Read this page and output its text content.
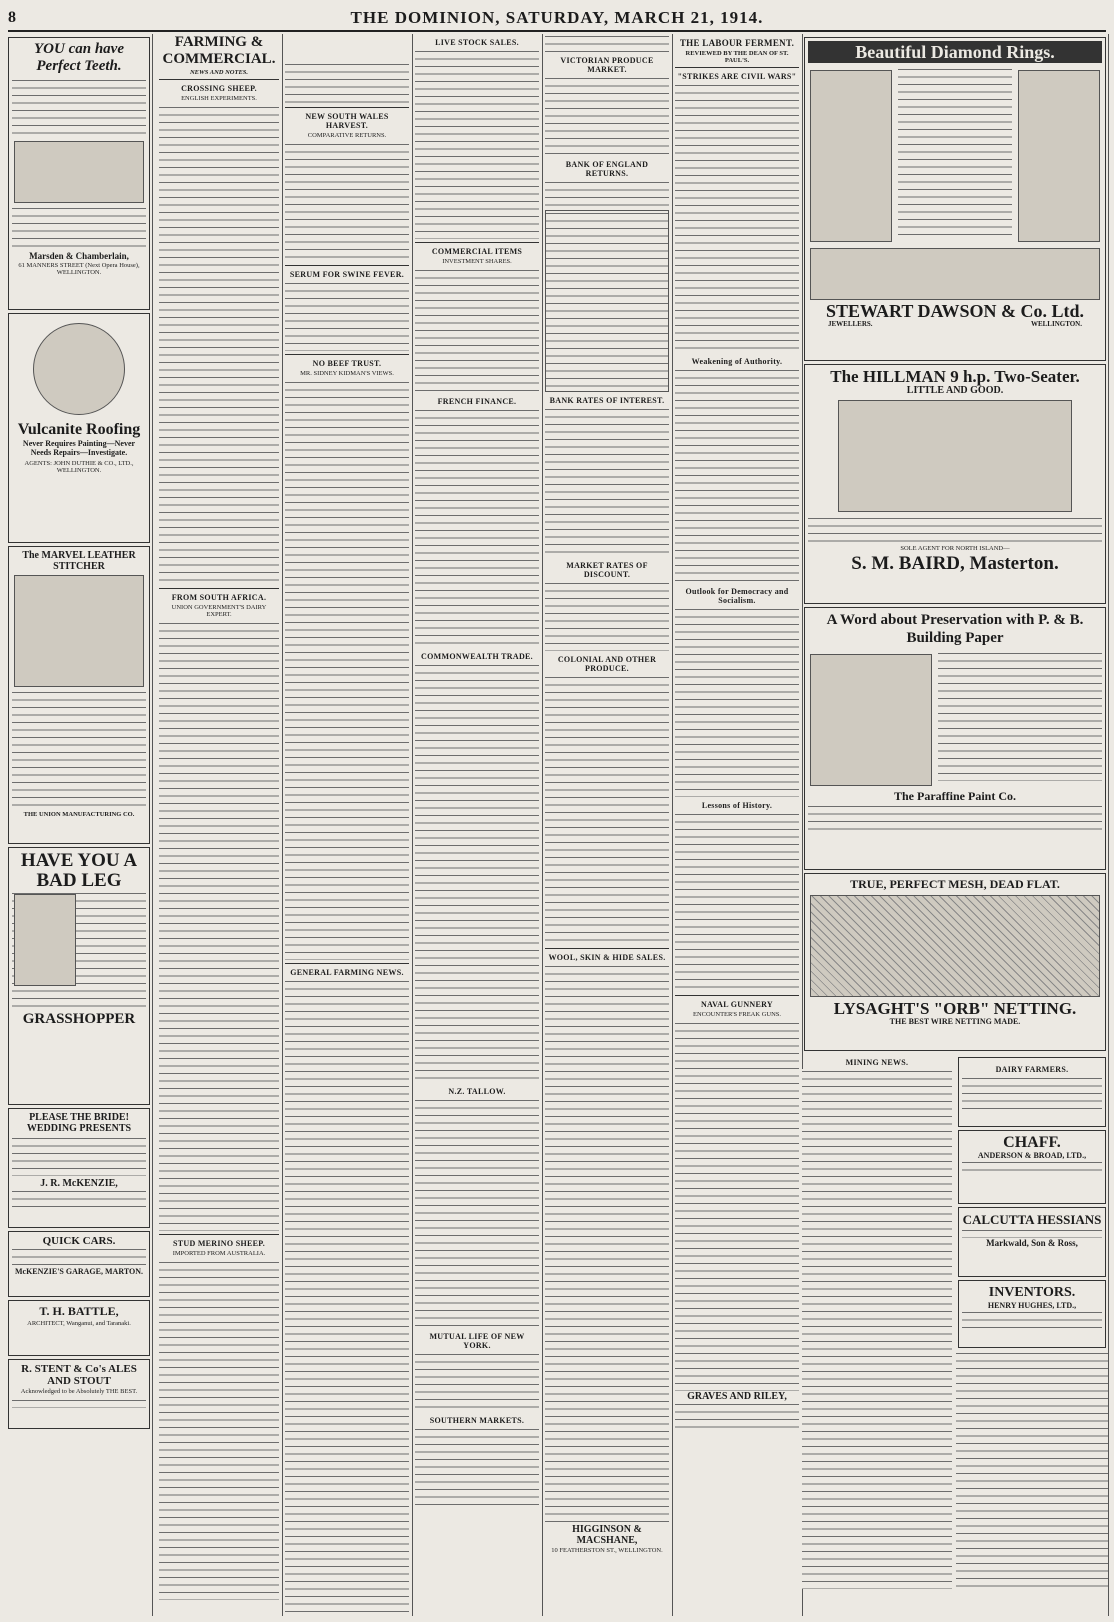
8	THE DOMINION, SATURDAY, MARCH 21, 1914.
YOU can have Perfect Teeth.
Marsden & Chamberlain,
61 MANNERS STREET (Next Opera House), WELLINGTON.
Vulcanite Roofing
Never Requires Painting—Never Needs Repairs—Investigate.
AGENTS: JOHN DUTHIE & CO., LTD., WELLINGTON.
The MARVEL LEATHER STITCHER
THE UNION MANUFACTURING CO.
HAVE YOU A BAD LEG
GRASSHOPPER
PLEASE THE BRIDE! WEDDING PRESENTS
J. R. McKENZIE,
QUICK CARS.
McKENZIE'S GARAGE, MARTON.
T. H. BATTLE,
ARCHITECT, Wanganui, and Taranaki.
R. STENT & Co's ALES AND STOUT
Acknowledged to be Absolutely THE BEST.
FARMING & COMMERCIAL.
NEWS AND NOTES.
CROSSING SHEEP.
ENGLISH EXPERIMENTS.
FROM SOUTH AFRICA.
UNION GOVERNMENT'S DAIRY EXPERT.
STUD MERINO SHEEP.
IMPORTED FROM AUSTRALIA.
NEW SOUTH WALES HARVEST.
COMPARATIVE RETURNS.
SERUM FOR SWINE FEVER.
NO BEEF TRUST.
MR. SIDNEY KIDMAN'S VIEWS.
GENERAL FARMING NEWS.
LIVE STOCK SALES.
COMMERCIAL ITEMS
INVESTMENT SHARES.
FRENCH FINANCE.
COMMONWEALTH TRADE.
N.Z. TALLOW.
MUTUAL LIFE OF NEW YORK.
SOUTHERN MARKETS.
VICTORIAN PRODUCE MARKET.
BANK OF ENGLAND RETURNS.
BANK RATES OF INTEREST.
MARKET RATES OF DISCOUNT.
COLONIAL AND OTHER PRODUCE.
WOOL, SKIN & HIDE SALES.
HIGGINSON & MACSHANE,
10 FEATHERSTON ST., WELLINGTON.
THE LABOUR FERMENT.
REVIEWED BY THE DEAN OF ST. PAUL'S.
"STRIKES ARE CIVIL WARS"
Weakening of Authority.
Outlook for Democracy and Socialism.
Lessons of History.
NAVAL GUNNERY
ENCOUNTER'S FREAK GUNS.
GRAVES AND RILEY,
Beautiful Diamond Rings.
STEWART DAWSON & Co. Ltd.
JEWELLERS.	WELLINGTON.
The HILLMAN 9 h.p. Two-Seater.
LITTLE AND GOOD.
SOLE AGENT FOR NORTH ISLAND—
S. M. BAIRD, Masterton.
A Word about Preservation with P. & B. Building Paper
The Paraffine Paint Co.
TRUE, PERFECT MESH, DEAD FLAT.
LYSAGHT'S "ORB" NETTING.
THE BEST WIRE NETTING MADE.
MINING NEWS.
DAIRY FARMERS.
CHAFF.
ANDERSON & BROAD, LTD.,
CALCUTTA HESSIANS
Markwald, Son & Ross,
INVENTORS.
HENRY HUGHES, LTD.,
